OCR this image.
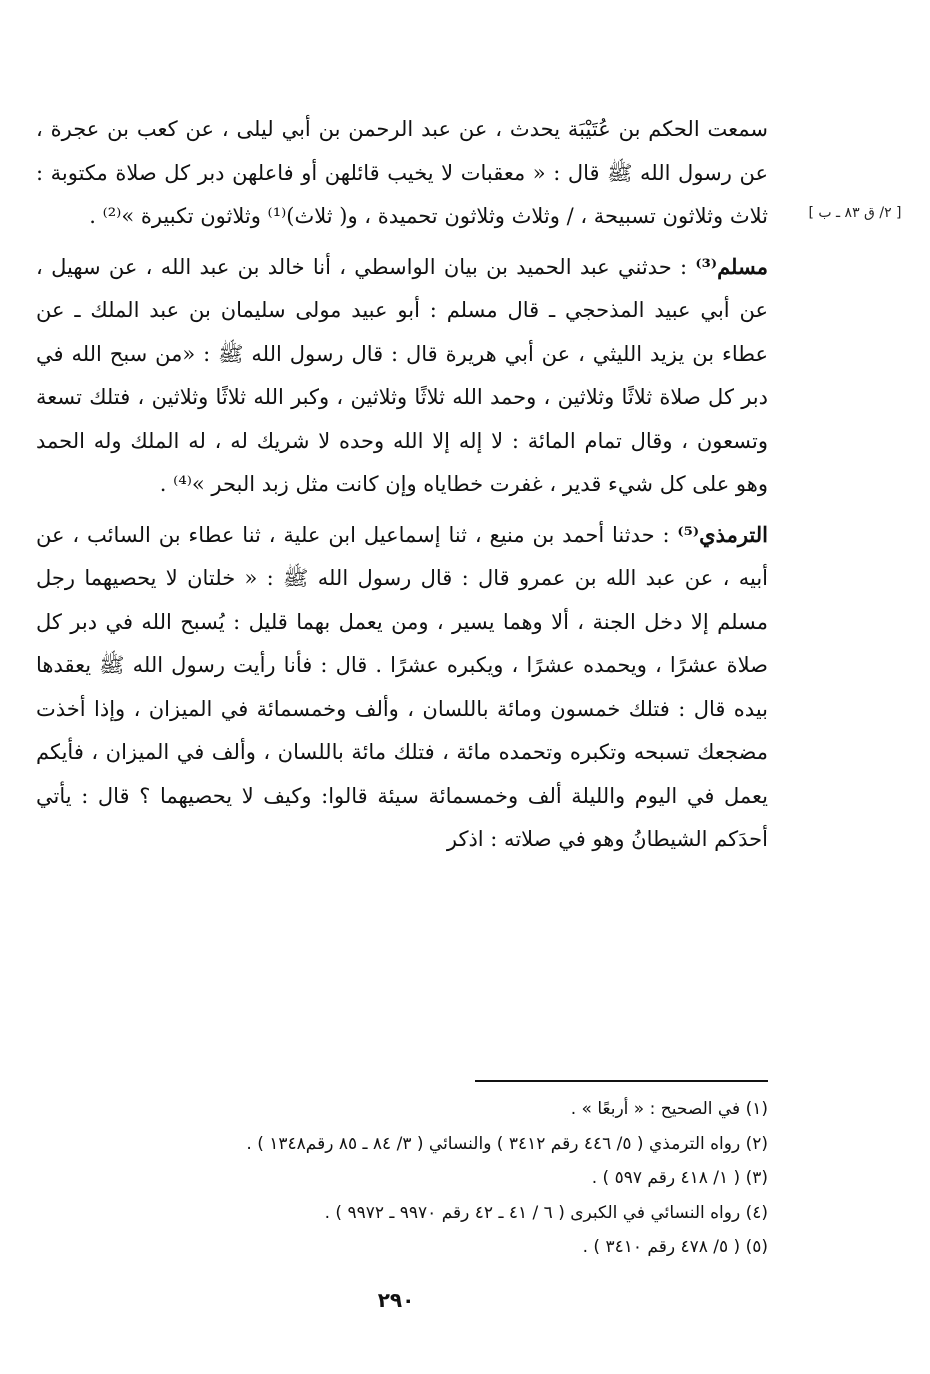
[ ٢/ ق ٨٣ ـ ب ]

سمعت الحكم بن عُتَيْبَة يحدث ، عن عبد الرحمن بن أبي ليلى ، عن كعب بن عجرة ، عن رسول الله ﷺ قال : « معقبات لا يخيب قائلهن أو فاعلهن دبر كل صلاة مكتوبة : ثلاث وثلاثون تسبيحة ، / وثلاث وثلاثون تحميدة ، و( ثلاث)⁽¹⁾ وثلاثون تكبيرة »⁽²⁾ .

مسلم⁽³⁾ : حدثني عبد الحميد بن بيان الواسطي ، أنا خالد بن عبد الله ، عن سهيل ، عن أبي عبيد المذحجي ـ قال مسلم : أبو عبيد مولى سليمان بن عبد الملك ـ عن عطاء بن يزيد الليثي ، عن أبي هريرة قال : قال رسول الله ﷺ : «من سبح الله في دبر كل صلاة ثلاثًا وثلاثين ، وحمد الله ثلاثًا وثلاثين ، وكبر الله ثلاثًا وثلاثين ، فتلك تسعة وتسعون ، وقال تمام المائة : لا إله إلا الله وحده لا شريك له ، له الملك وله الحمد وهو على كل شيء قدير ، غفرت خطاياه وإن كانت مثل زبد البحر »⁽⁴⁾ .

الترمذي⁽⁵⁾ : حدثنا أحمد بن منيع ، ثنا إسماعيل ابن علية ، ثنا عطاء بن السائب ، عن أبيه ، عن عبد الله بن عمرو قال : قال رسول الله ﷺ : « خلتان لا يحصيهما رجل مسلم إلا دخل الجنة ، ألا وهما يسير ، ومن يعمل بهما قليل : يُسبح الله في دبر كل صلاة عشرًا ، ويحمده عشرًا ، ويكبره عشرًا . قال : فأنا رأيت رسول الله ﷺ يعقدها بيده قال : فتلك خمسون ومائة باللسان ، وألف وخمسمائة في الميزان ، وإذا أخذت مضجعك تسبحه وتكبره وتحمده مائة ، فتلك مائة باللسان ، وألف في الميزان ، فأيكم يعمل في اليوم والليلة ألف وخمسمائة سيئة قالوا: وكيف لا يحصيهما ؟ قال : يأتي أحدَكم الشيطانُ وهو في صلاته : اذكر

(١) في الصحيح : « أربعًا » .
(٢) رواه الترمذي ( ٥/ ٤٤٦ رقم ٣٤١٢ ) والنسائي ( ٣/ ٨٤ ـ ٨٥ رقم١٣٤٨ ) .
(٣) ( ١/ ٤١٨ رقم ٥٩٧ ) .
(٤) رواه النسائي في الكبرى ( ٦ / ٤١ ـ ٤٢ رقم ٩٩٧٠ ـ ٩٩٧٢ ) .
(٥) ( ٥/ ٤٧٨ رقم ٣٤١٠ ) .
٢٩٠
